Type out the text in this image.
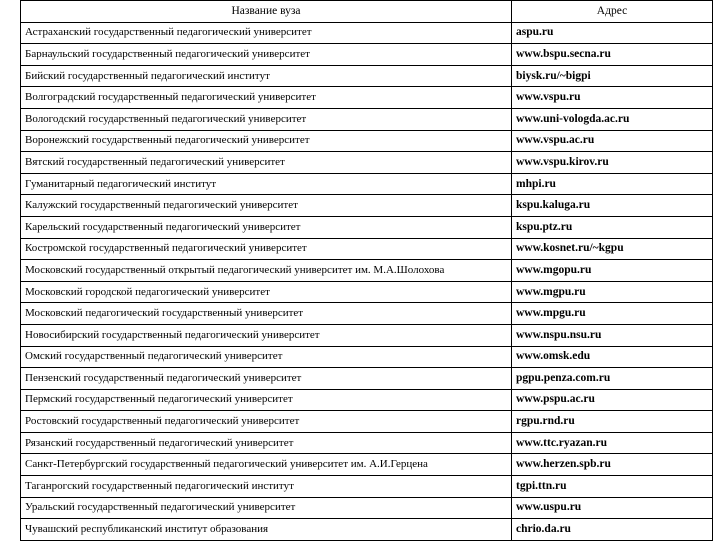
Название вуза	Адрес
Астраханский государственный педагогический университет	aspu.ru
Барнаульский государственный педагогический университет	www.bspu.secna.ru
Бийский государственный педагогический институт	biysk.ru/~bigpi
Волгоградский государственный педагогический университет	www.vspu.ru
Вологодский государственный педагогический университет	www.uni-vologda.ac.ru
Воронежский государственный педагогический университет	www.vspu.ac.ru
Вятский государственный педагогический университет	www.vspu.kirov.ru
Гуманитарный педагогический институт	mhpi.ru
Калужский государственный педагогический университет	kspu.kaluga.ru
Карельский государственный педагогический университет	kspu.ptz.ru
Костромской государственный педагогический университет	www.kosnet.ru/~kgpu
Московский государственный открытый педагогический университет им. М.А.Шолохова	www.mgopu.ru
Московский городской педагогический университет	www.mgpu.ru
Московский педагогический государственный университет	www.mpgu.ru
Новосибирский государственный педагогический университет	www.nspu.nsu.ru
Омский государственный педагогический университет	www.omsk.edu
Пензенский государственный педагогический университет	pgpu.penza.com.ru
Пермский государственный педагогический университет	www.pspu.ac.ru
Ростовский государственный педагогический университет	rgpu.rnd.ru
Рязанский государственный педагогический университет	www.ttc.ryazan.ru
Санкт-Петербургский государственный педагогический университет им. А.И.Герцена	www.herzen.spb.ru
Таганрогский государственный педагогический институт	tgpi.ttn.ru
Уральский государственный педагогический университет	www.uspu.ru
Чувашский республиканский институт образования	chrio.da.ru
